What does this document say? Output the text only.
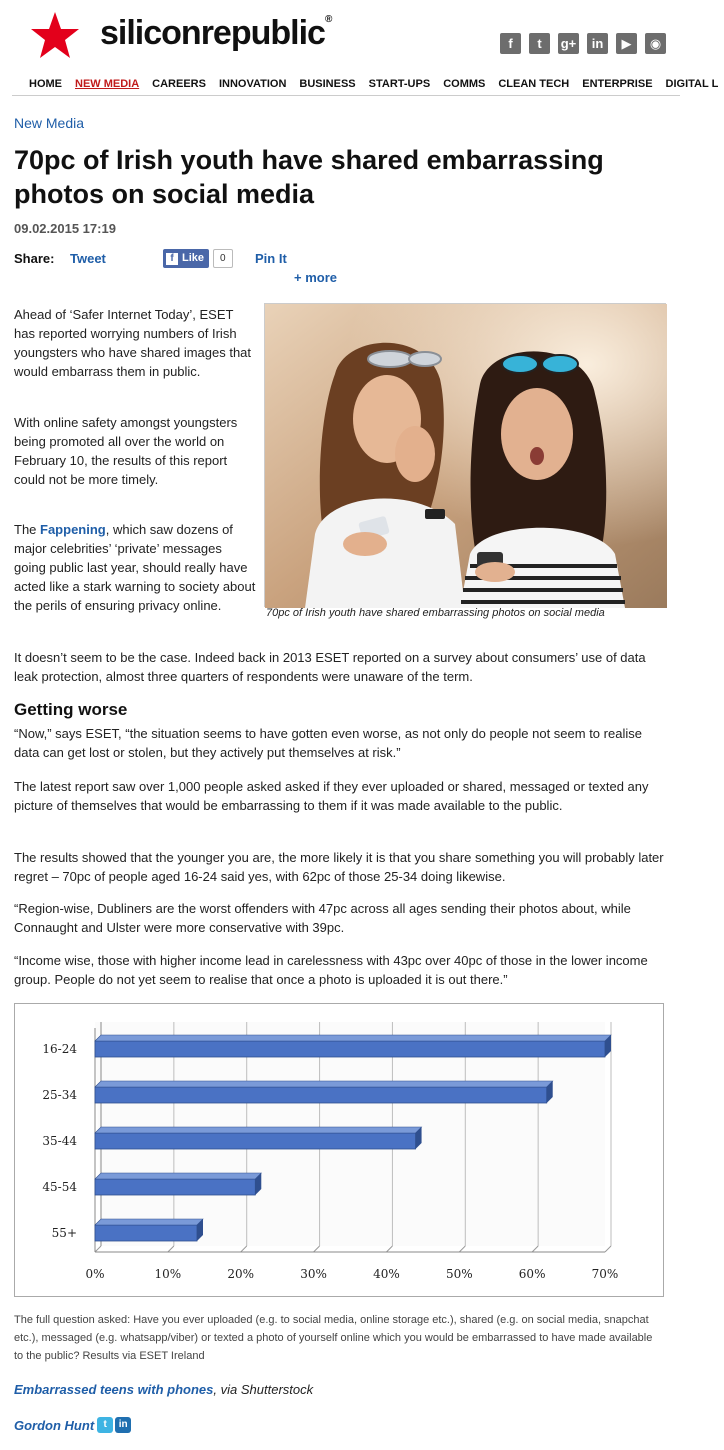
siliconrepublic®
f	t	g+	in	▶	◉
HOME	NEW MEDIA	CAREERS	INNOVATION	BUSINESS	START-UPS	COMMS	CLEAN TECH	ENTERPRISE	DIGITAL L
New Media
70pc of Irish youth have shared embarrassing photos on social media
09.02.2015 17:19
Share: Tweet	f Like	0	Pin It
+ more

Ahead of ‘Safer Internet Today’, ESET has reported worrying numbers of Irish youngsters who have shared images that would embarrass them in public.

With online safety amongst youngsters being promoted all over the world on February 10, the results of this report could not be more timely.

The Fappening, which saw dozens of major celebrities’ ‘private’ messages going public last year, should really have acted like a stark warning to society about the perils of ensuring privacy online.	70pc of Irish youth have shared embarrassing photos on social media

It doesn’t seem to be the case. Indeed back in 2013 ESET reported on a survey about consumers’ use of data leak protection, almost three quarters of respondents were unaware of the term.

Getting worse

“Now,” says ESET, “the situation seems to have gotten even worse, as not only do people not seem to realise data can get lost or stolen, but they actively put themselves at risk.”

The latest report saw over 1,000 people asked asked if they ever uploaded or shared, messaged or texted any picture of themselves that would be embarrassing to them if it was made available to the public.

The results showed that the younger you are, the more likely it is that you share something you will probably later regret – 70pc of people aged 16-24 said yes, with 62pc of those 25-34 doing likewise.

“Region-wise, Dubliners are the worst offenders with 47pc across all ages sending their photos about, while Connaught and Ulster were more conservative with 39pc.

“Income wise, those with higher income lead in carelessness with 43pc over 40pc of those in the lower income group. People do not yet seem to realise that once a photo is uploaded it is out there.”

0%	10%	20%	30%	40%	50%	60%	70%
16-24
25-34
35-44
45-54
55+

The full question asked: Have you ever uploaded (e.g. to social media, online storage etc.), shared (e.g. on social media, snapchat etc.), messaged (e.g. whatsapp/viber) or texted a photo of yourself online which you would be embarrassed to have made available to the public? Results via ESET Ireland

Embarrassed teens with phones, via Shutterstock
Gordon Hunt t	in
